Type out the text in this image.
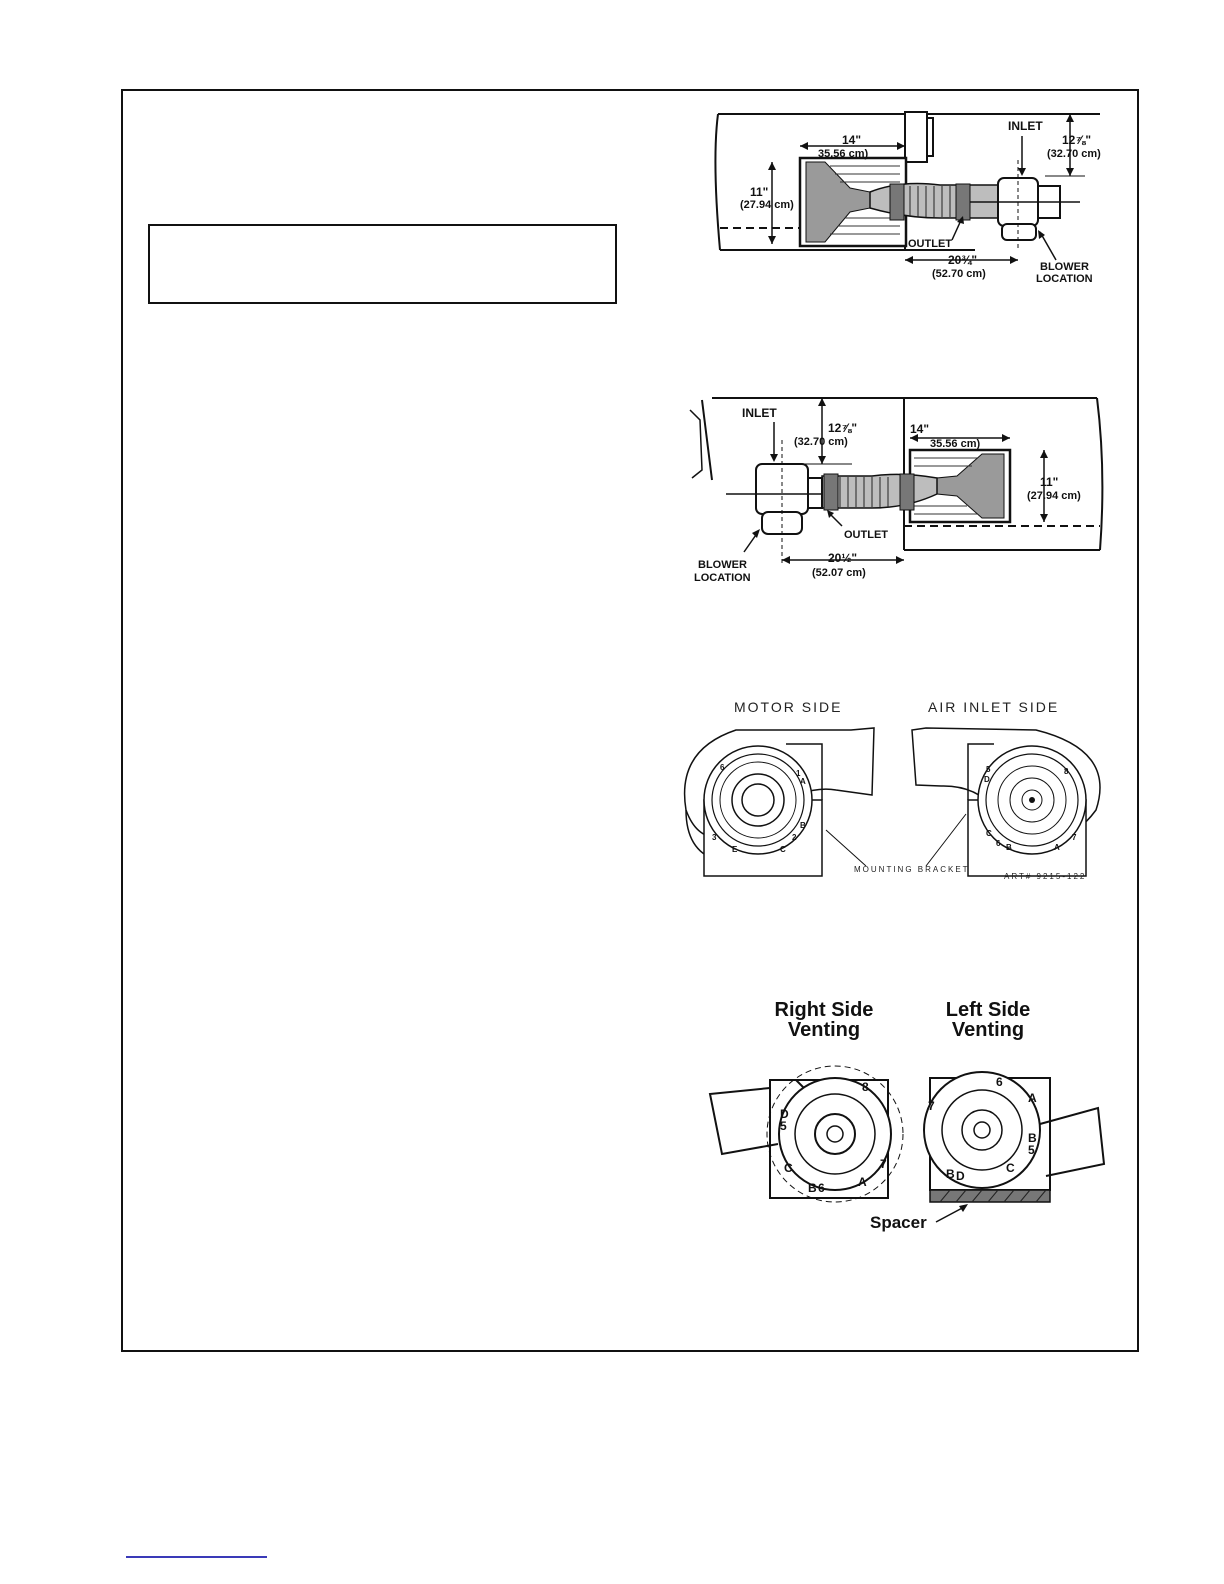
14"
35.56 cm)
11"
(27.94 cm)
12⅞"
(32.70 cm)
INLET
OUTLET
20¾"
(52.70 cm)
BLOWER
LOCATION
14"
35.56 cm)
11"
(27.94 cm)
INLET
12⅞"
(32.70 cm)
OUTLET
20½"
(52.07 cm)
BLOWER
LOCATION
MOTOR SIDE	AIR INLET SIDE
1
A
3	2
B
C
E
6	5
D
8
C
6 B
7
A
MOUNTING BRACKET
ART# 9215-122
Right Side
Venting
Left Side
Venting
8
D
5
C
B 6	A
7
6
7
A
B
5
C
B D
Spacer
